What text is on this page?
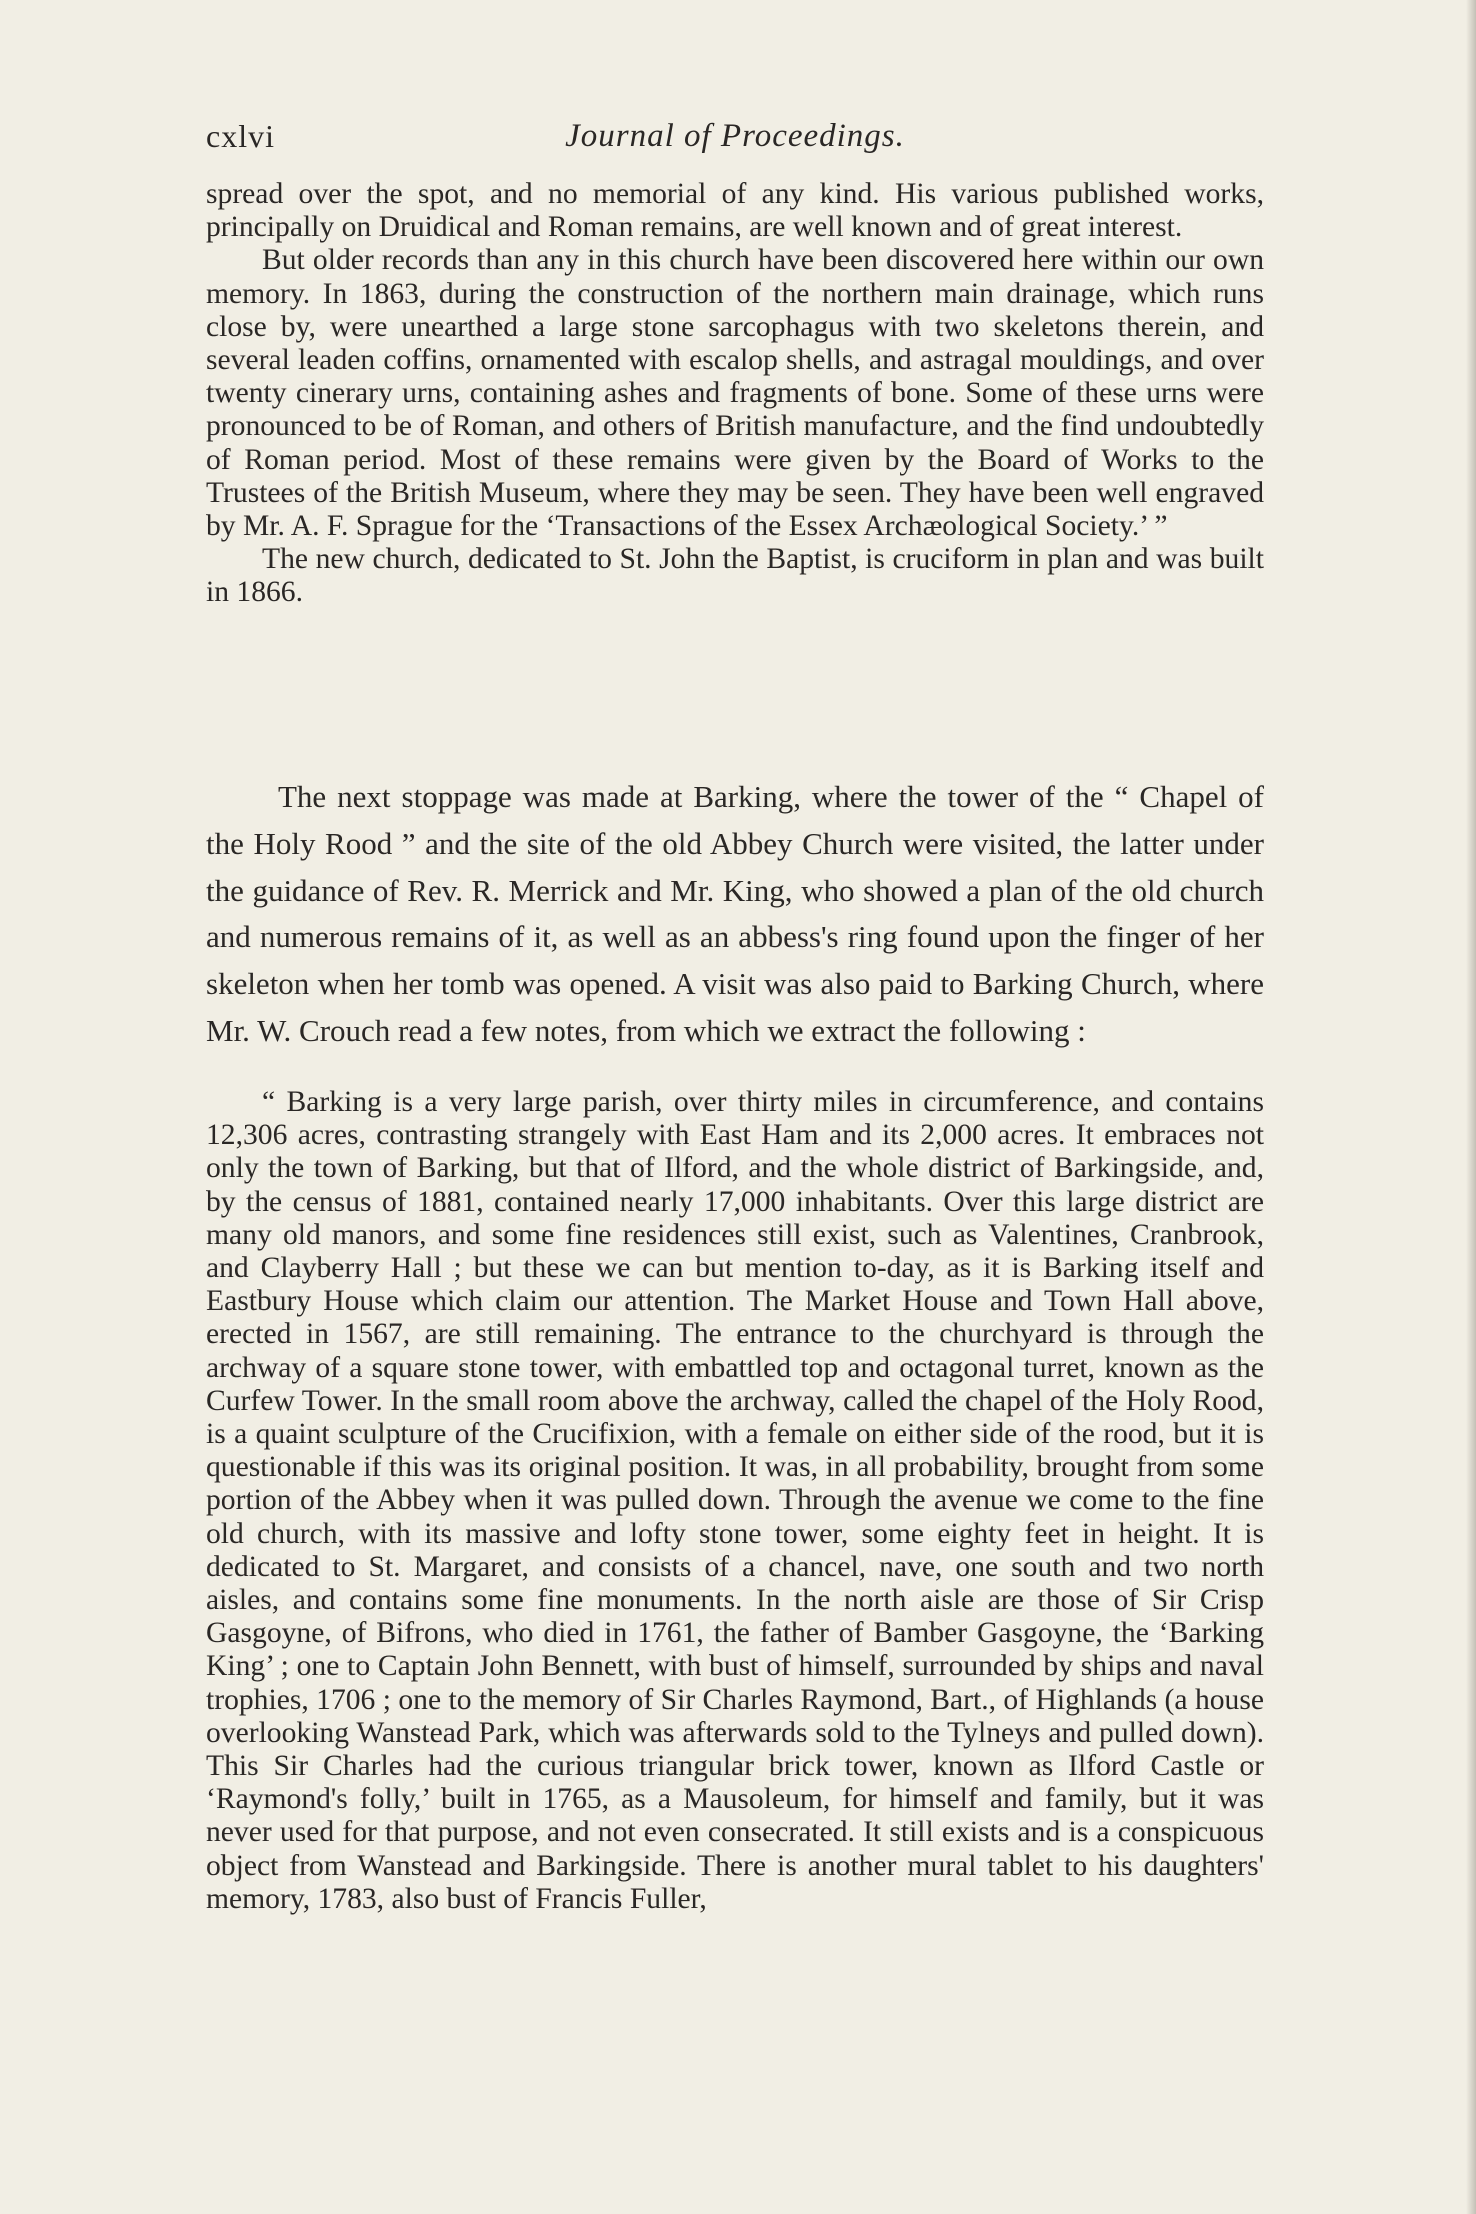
Journal of Proceedings.
cxlvi

spread over the spot, and no memorial of any kind. His various published works, principally on Druidical and Roman remains, are well known and of great interest.

But older records than any in this church have been discovered here within our own memory. In 1863, during the construction of the northern main drainage, which runs close by, were unearthed a large stone sarcophagus with two skeletons therein, and several leaden coffins, ornamented with escalop shells, and astragal mouldings, and over twenty cinerary urns, containing ashes and fragments of bone. Some of these urns were pronounced to be of Roman, and others of British manufacture, and the find undoubtedly of Roman period. Most of these remains were given by the Board of Works to the Trustees of the British Museum, where they may be seen. They have been well engraved by Mr. A. F. Sprague for the ‘Transactions of the Essex Archæological Society.’ ”

The new church, dedicated to St. John the Baptist, is cruciform in plan and was built in 1866.

The next stoppage was made at Barking, where the tower of the “ Chapel of the Holy Rood ” and the site of the old Abbey Church were visited, the latter under the guidance of Rev. R. Merrick and Mr. King, who showed a plan of the old church and numerous remains of it, as well as an abbess's ring found upon the finger of her skeleton when her tomb was opened. A visit was also paid to Barking Church, where Mr. W. Crouch read a few notes, from which we extract the following :

“ Barking is a very large parish, over thirty miles in circumference, and contains 12,306 acres, contrasting strangely with East Ham and its 2,000 acres. It embraces not only the town of Barking, but that of Ilford, and the whole district of Barkingside, and, by the census of 1881, contained nearly 17,000 inhabitants. Over this large district are many old manors, and some fine residences still exist, such as Valentines, Cranbrook, and Clayberry Hall ; but these we can but mention to-day, as it is Barking itself and Eastbury House which claim our attention. The Market House and Town Hall above, erected in 1567, are still remaining. The entrance to the churchyard is through the archway of a square stone tower, with embattled top and octagonal turret, known as the Curfew Tower. In the small room above the archway, called the chapel of the Holy Rood, is a quaint sculpture of the Crucifixion, with a female on either side of the rood, but it is questionable if this was its original position. It was, in all probability, brought from some portion of the Abbey when it was pulled down. Through the avenue we come to the fine old church, with its massive and lofty stone tower, some eighty feet in height. It is dedicated to St. Margaret, and consists of a chancel, nave, one south and two north aisles, and contains some fine monuments. In the north aisle are those of Sir Crisp Gasgoyne, of Bifrons, who died in 1761, the father of Bamber Gasgoyne, the ‘Barking King’ ; one to Captain John Bennett, with bust of himself, surrounded by ships and naval trophies, 1706 ; one to the memory of Sir Charles Raymond, Bart., of Highlands (a house overlooking Wanstead Park, which was afterwards sold to the Tylneys and pulled down). This Sir Charles had the curious triangular brick tower, known as Ilford Castle or ‘Raymond's folly,’ built in 1765, as a Mausoleum, for himself and family, but it was never used for that purpose, and not even consecrated. It still exists and is a conspicuous object from Wanstead and Barkingside. There is another mural tablet to his daughters' memory, 1783, also bust of Francis Fuller,
